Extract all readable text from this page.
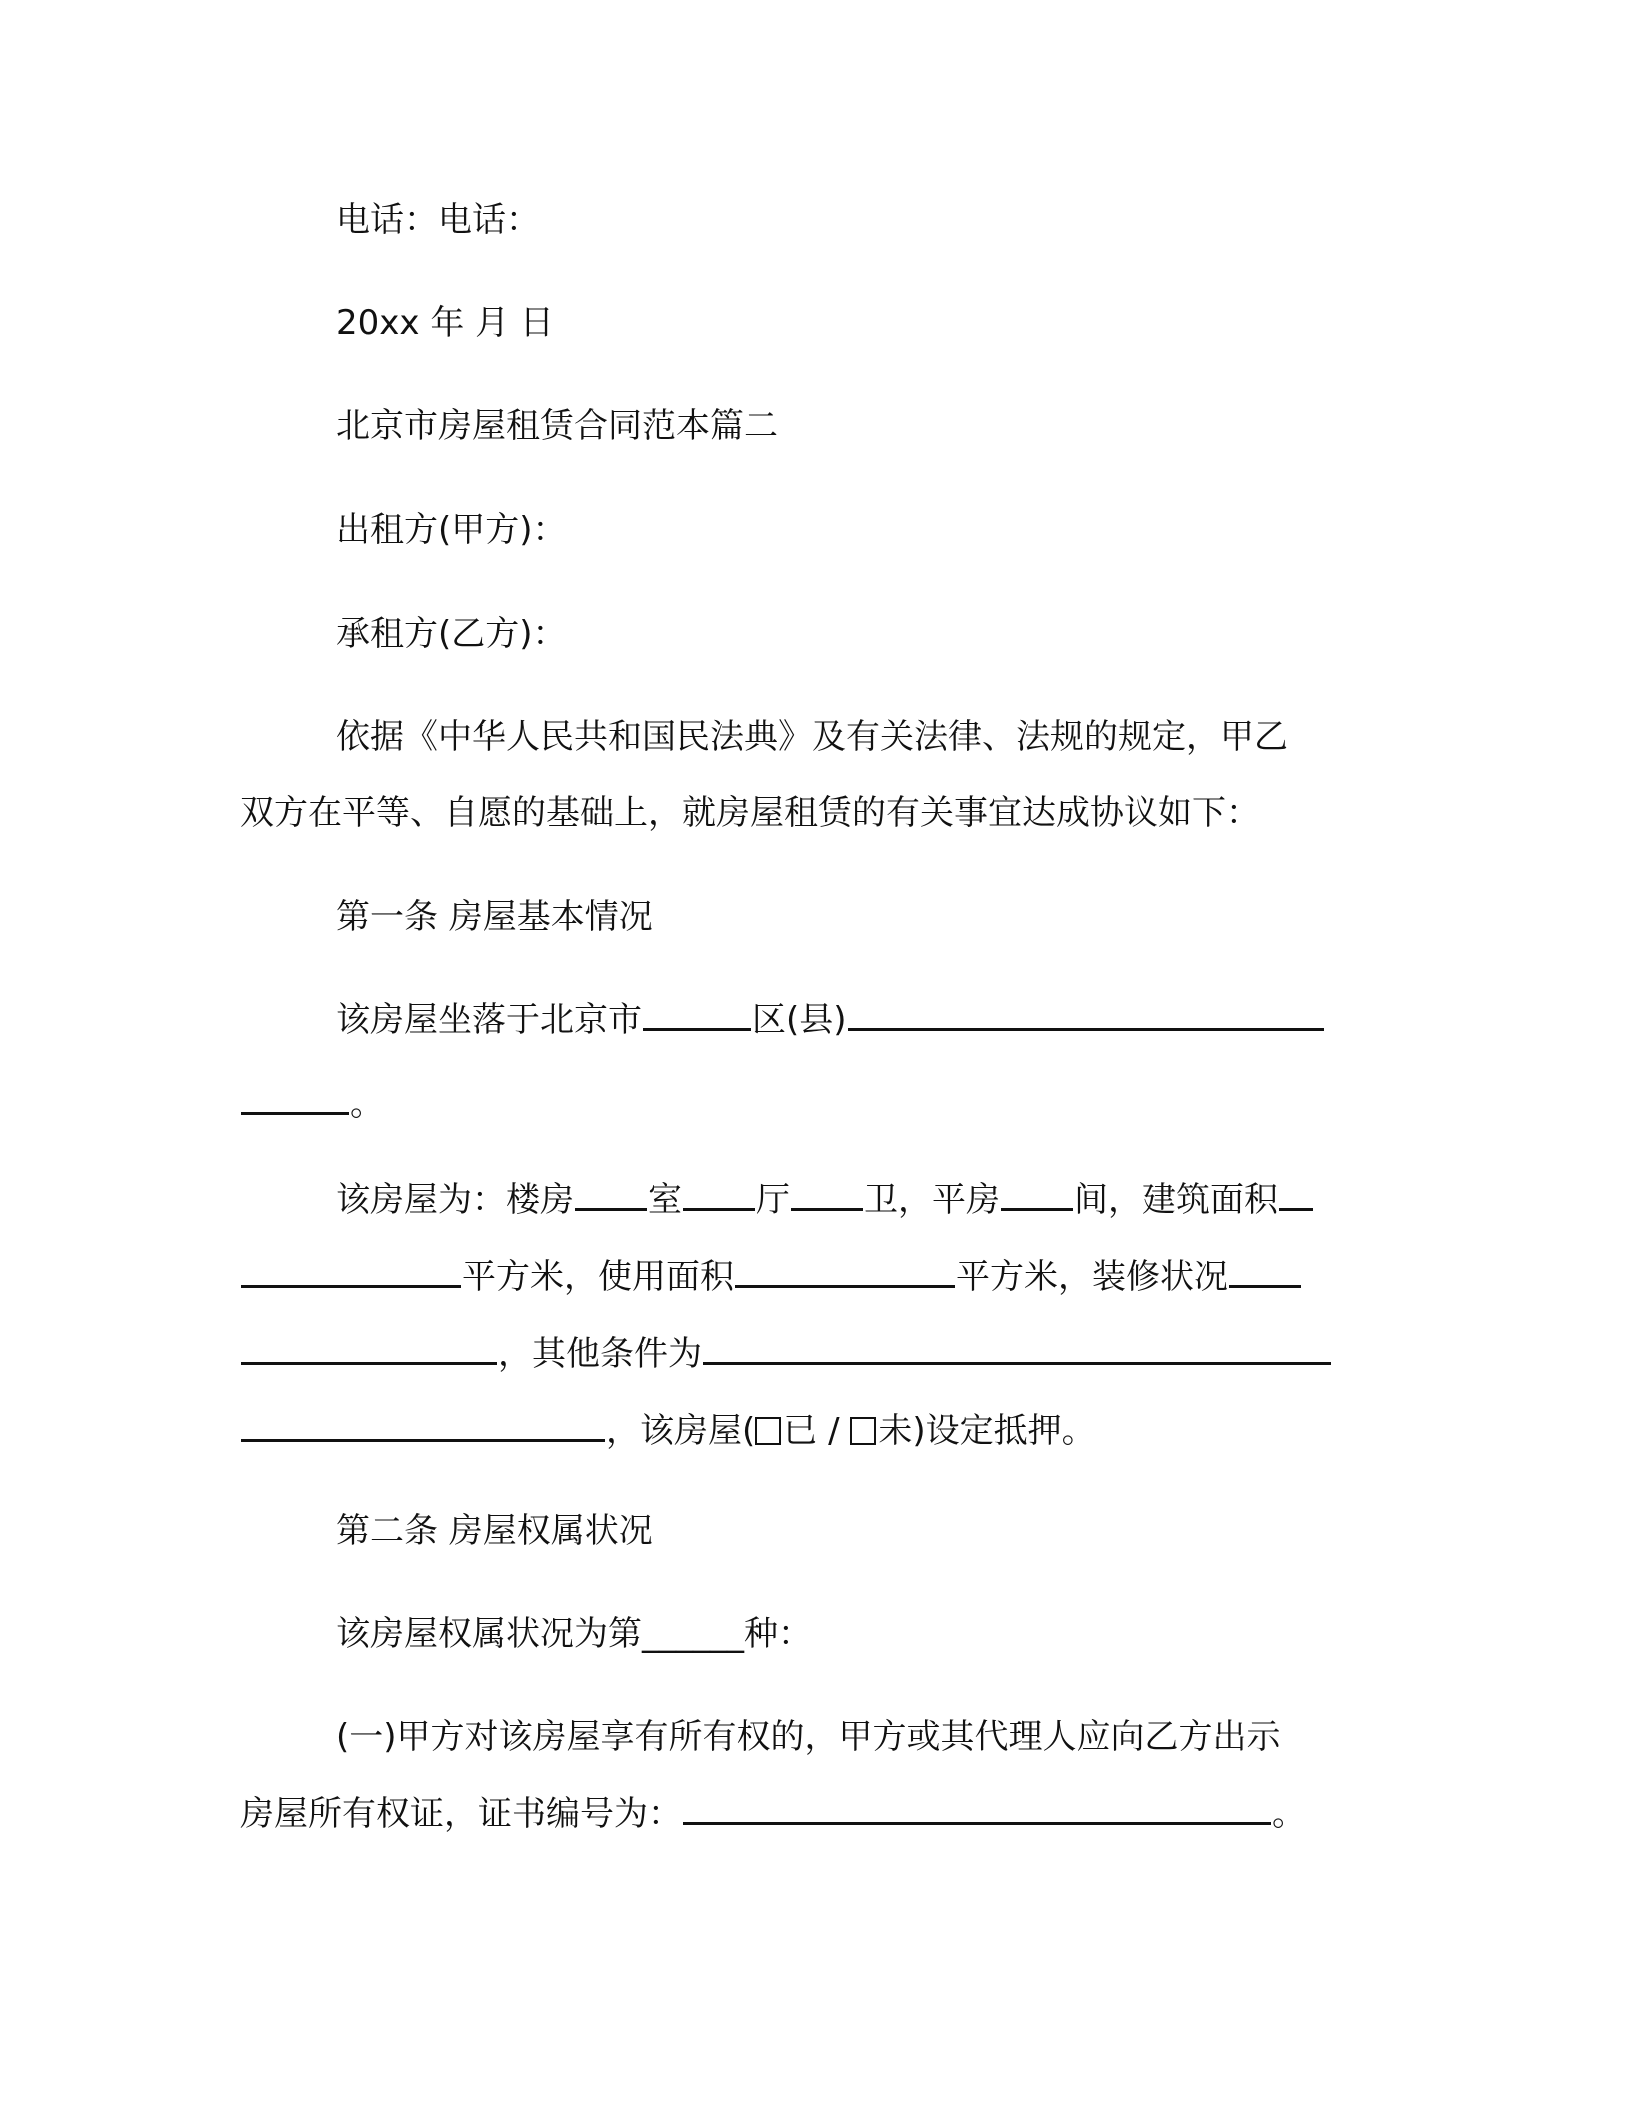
电话：电话：
20xx 年 月 日
北京市房屋租赁合同范本篇二
出租方(甲方)：
承租方(乙方)：
依据《中华人民共和国民法典》及有关法律、法规的规定，甲乙
双方在平等、自愿的基础上，就房屋租赁的有关事宜达成协议如下：
第一条 房屋基本情况
该房屋坐落于北京市	区(县)
。
该房屋为：楼房 室 厅 卫，平房 间，建筑面积
平方米，使用面积	平方米，装修状况
，其他条件为
，该房屋( 已 / 未)设定抵押。
第二条 房屋权属状况
该房屋权属状况为第______种：
(一)甲方对该房屋享有所有权的，甲方或其代理人应向乙方出示
房屋所有权证，证书编号为：	。
